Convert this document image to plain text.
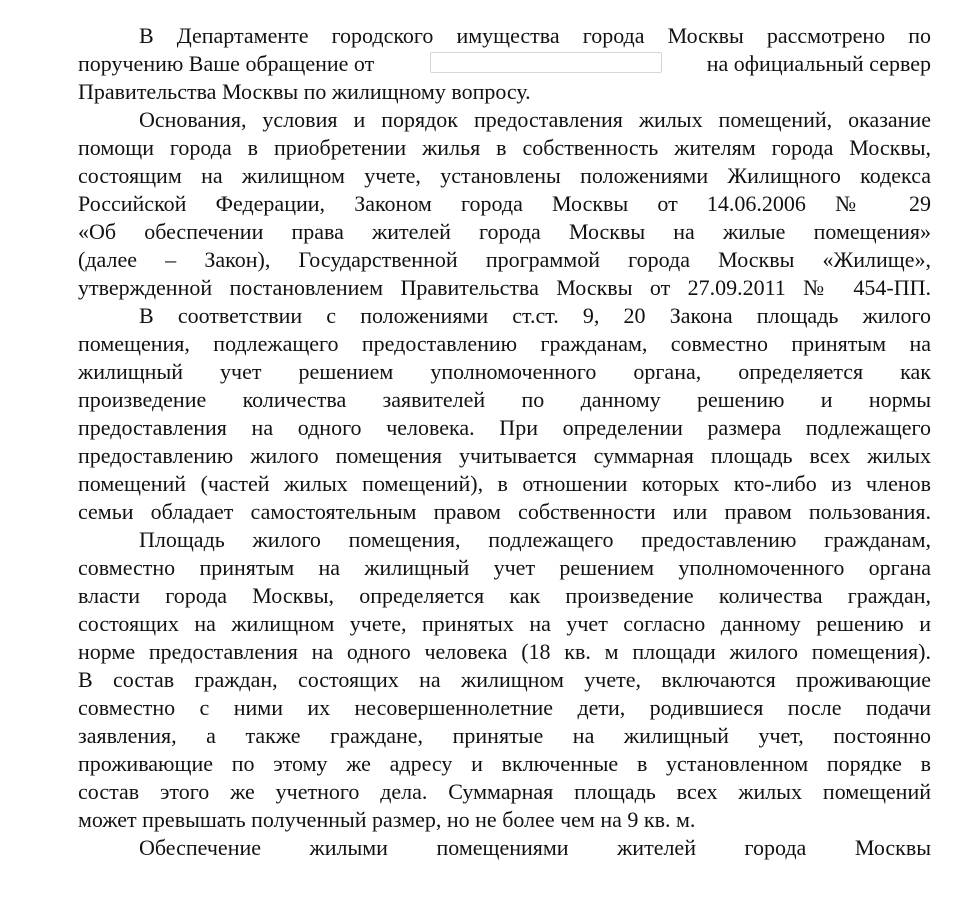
В Департаменте городского имущества города Москвы рассмотрено по
поручению Ваше обращение от	на официальный сервер
Правительства Москвы по жилищному вопросу.
Основания, условия и порядок предоставления жилых помещений, оказание
помощи города в приобретении жилья в собственность жителям города Москвы,
состоящим на жилищном учете, установлены положениями Жилищного кодекса
Российской Федерации, Законом города Москвы от 14.06.2006 № 29
«Об обеспечении права жителей города Москвы на жилые помещения»
(далее – Закон), Государственной программой города Москвы «Жилище»,
утвержденной постановлением Правительства Москвы от 27.09.2011 № 454-ПП.
В соответствии с положениями ст.ст. 9, 20 Закона площадь жилого
помещения, подлежащего предоставлению гражданам, совместно принятым на
жилищный учет решением уполномоченного органа, определяется как
произведение количества заявителей по данному решению и нормы
предоставления на одного человека. При определении размера подлежащего
предоставлению жилого помещения учитывается суммарная площадь всех жилых
помещений (частей жилых помещений), в отношении которых кто-либо из членов
семьи обладает самостоятельным правом собственности или правом пользования.
Площадь жилого помещения, подлежащего предоставлению гражданам,
совместно принятым на жилищный учет решением уполномоченного органа
власти города Москвы, определяется как произведение количества граждан,
состоящих на жилищном учете, принятых на учет согласно данному решению и
норме предоставления на одного человека (18 кв. м площади жилого помещения).
В состав граждан, состоящих на жилищном учете, включаются проживающие
совместно с ними их несовершеннолетние дети, родившиеся после подачи
заявления, а также граждане, принятые на жилищный учет, постоянно
проживающие по этому же адресу и включенные в установленном порядке в
состав этого же учетного дела. Суммарная площадь всех жилых помещений
может превышать полученный размер, но не более чем на 9 кв. м.
Обеспечение жилыми помещениями жителей города Москвы
